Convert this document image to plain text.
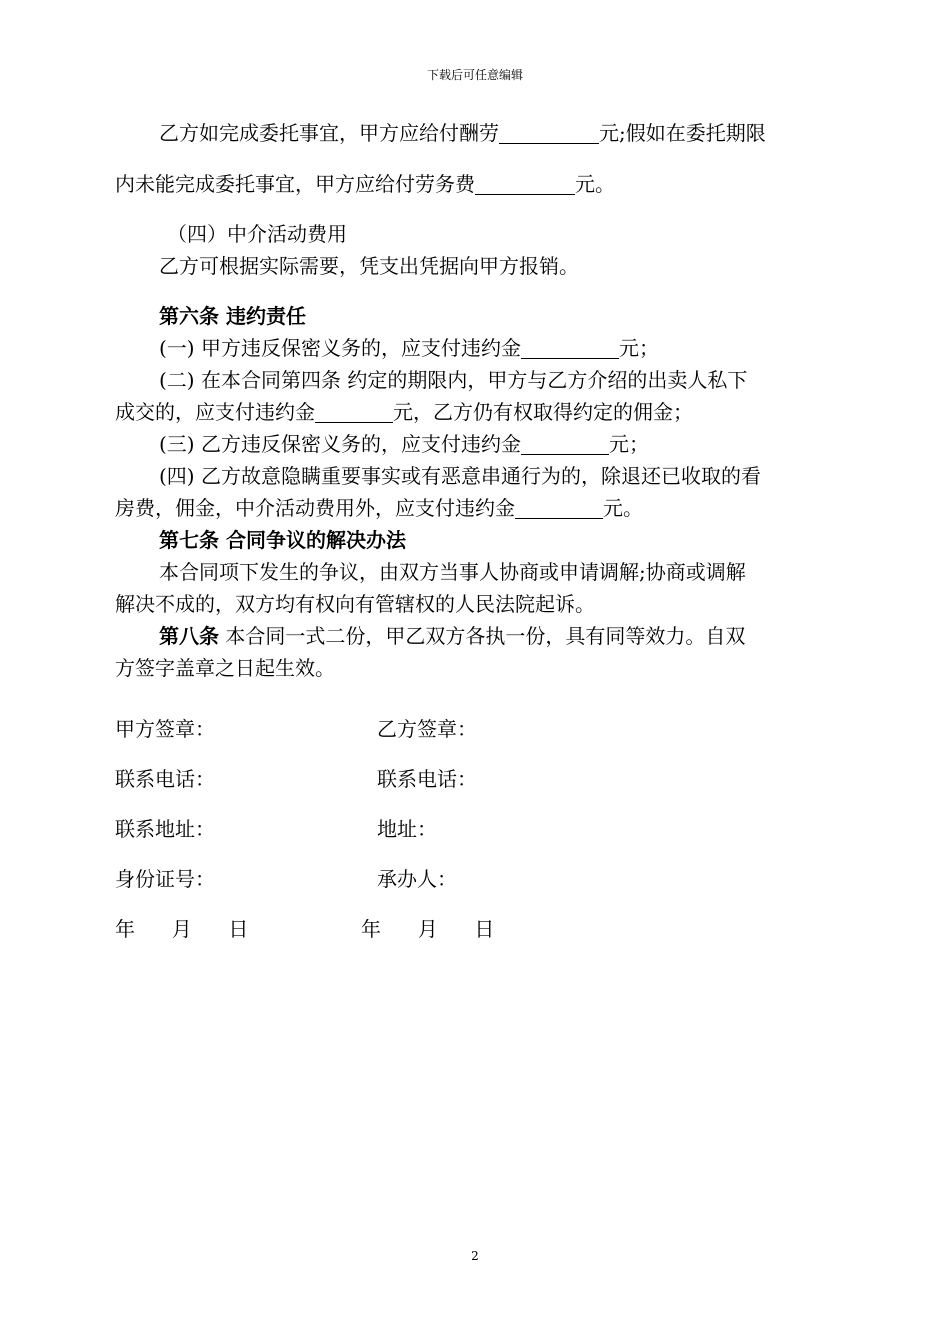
下载后可任意编辑

乙方如完成委托事宜，甲方应给付酬劳	元;假如在委托期限

内未能完成委托事宜，甲方应给付劳务费	元。

（四）中介活动费用

乙方可根据实际需要，凭支出凭据向甲方报销。

第六条 违约责任

(一) 甲方违反保密义务的，应支付违约金	元；

(二) 在本合同第四条 约定的期限内，甲方与乙方介绍的出卖人私下

成交的，应支付违约金	元，乙方仍有权取得约定的佣金；

(三) 乙方违反保密义务的，应支付违约金	元；

(四) 乙方故意隐瞒重要事实或有恶意串通行为的，除退还已收取的看

房费，佣金，中介活动费用外，应支付违约金	元。

第七条 合同争议的解决办法

本合同项下发生的争议，由双方当事人协商或申请调解;协商或调解

解决不成的，双方均有权向有管辖权的人民法院起诉。

第八条 本合同一式二份，甲乙双方各执一份，具有同等效力。自双

方签字盖章之日起生效。

甲方签章：	乙方签章：
联系电话：	联系电话：
联系地址：	地址：
身份证号：	承办人：
年  月  日	年  月  日
2
